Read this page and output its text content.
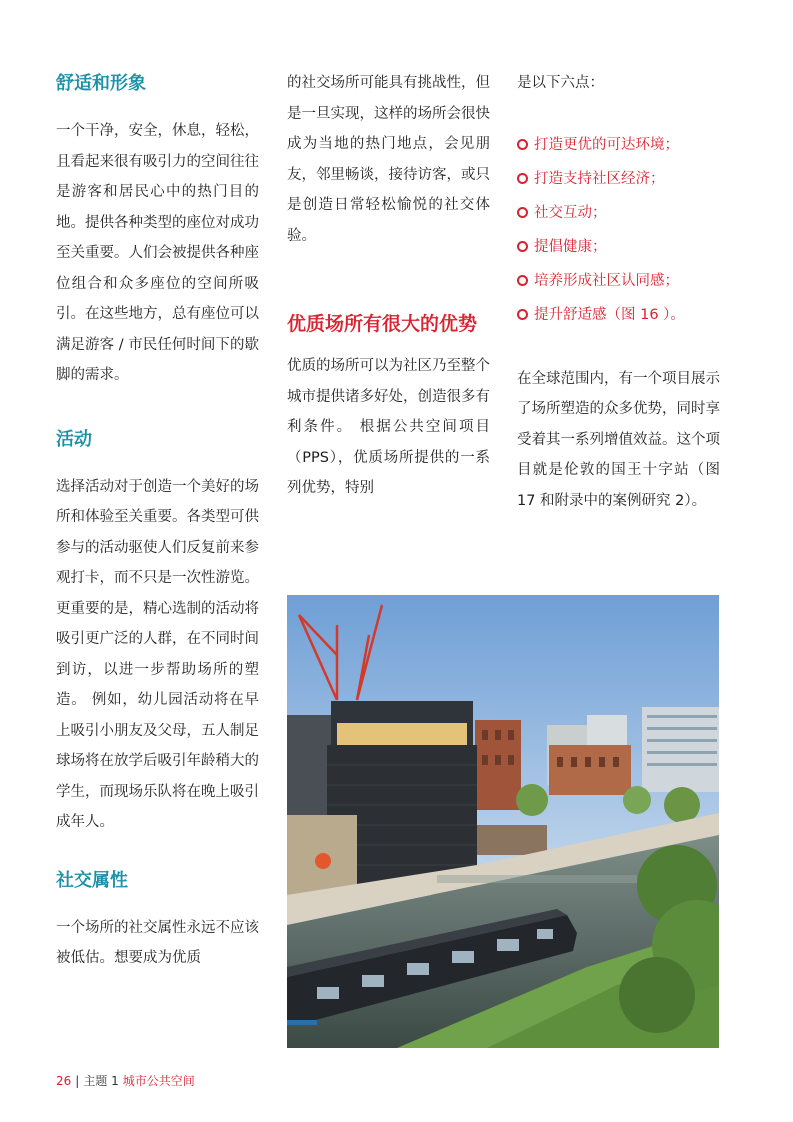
舒适和形象

一个干净，安全，休息，轻松，且看起来很有吸引力的空间往往是游客和居民心中的热门目的地。提供各种类型的座位对成功至关重要。人们会被提供各种座位组合和众多座位的空间所吸引。在这些地方，总有座位可以满足游客 / 市民任何时间下的歇脚的需求。

活动

选择活动对于创造一个美好的场所和体验至关重要。各类型可供参与的活动驱使人们反复前来参观打卡，而不只是一次性游览。更重要的是，精心选制的活动将吸引更广泛的人群，在不同时间到访，以进一步帮助场所的塑造。 例如，幼儿园活动将在早上吸引小朋友及父母，五人制足球场将在放学后吸引年龄稍大的学生，而现场乐队将在晚上吸引成年人。

社交属性

一个场所的社交属性永远不应该被低估。想要成为优质

的社交场所可能具有挑战性，但是一旦实现，这样的场所会很快成为当地的热门地点，会见朋友，邻里畅谈，接待访客，或只是创造日常轻松愉悦的社交体验。

优质场所有很大的优势

优质的场所可以为社区乃至整个城市提供诸多好处，创造很多有利条件。 根据公共空间项目（PPS），优质场所提供的一系列优势，特别

是以下六点：

打造更优的可达环境；
打造支持社区经济；
社交互动；
提倡健康；
培养形成社区认同感；
提升舒适感（图 16 ）。

在全球范围内，有一个项目展示了场所塑造的众多优势，同时享受着其一系列增值效益。这个项目就是伦敦的国王十字站（图 17 和附录中的案例研究 2）。

26 | 主题 1 城市公共空间
